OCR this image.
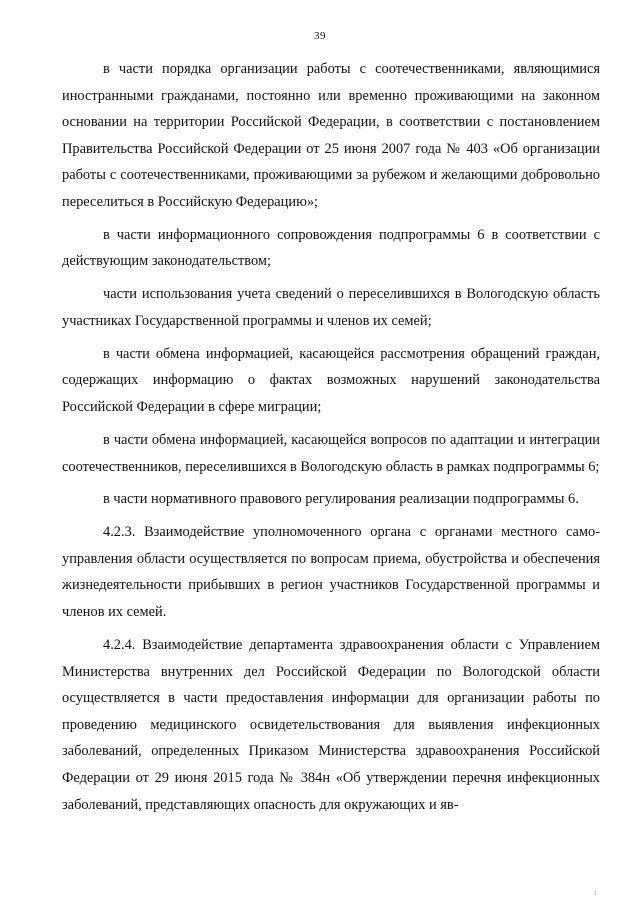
39

в части порядка организации работы с соотечественниками, являющимися иностранными гражданами, постоянно или временно проживающими на законном основании на территории Российской Федерации, в соответствии с постановлением Правительства Российской Федерации от 25 июня 2007 года № 403 «Об организации работы с соотечественниками, проживающими за рубежом и желающими добровольно переселиться в Российскую Федерацию»;

в части информационного сопровождения подпрограммы 6 в соответствии с действующим законодательством;

части использования учета сведений о переселившихся в Вологодскую область участниках Государственной программы и членов их семей;

в части обмена информацией, касающейся рассмотрения обращений граждан, содержащих информацию о фактах возможных нарушений законодательства Российской Федерации в сфере миграции;

в части обмена информацией, касающейся вопросов по адаптации и интеграции соотечественников, переселившихся в Вологодскую область в рамках подпрограммы 6;

в части нормативного правового регулирования реализации подпрограммы 6.

4.2.3. Взаимодействие уполномоченного органа с органами местного самоуправления области осуществляется по вопросам приема, обустройства и обеспечения жизнедеятельности прибывших в регион участников Государственной программы и членов их семей.

4.2.4. Взаимодействие департамента здравоохранения области с Управлением Министерства внутренних дел Российской Федерации по Вологодской области осуществляется в части предоставления информации для организации работы по проведению медицинского освидетельствования для выявления инфекционных заболеваний, определенных Приказом Министерства здравоохранения Российской Федерации от 29 июня 2015 года № 384н «Об утверждении перечня инфекционных заболеваний, представляющих опасность для окружающих и яв-

ı
